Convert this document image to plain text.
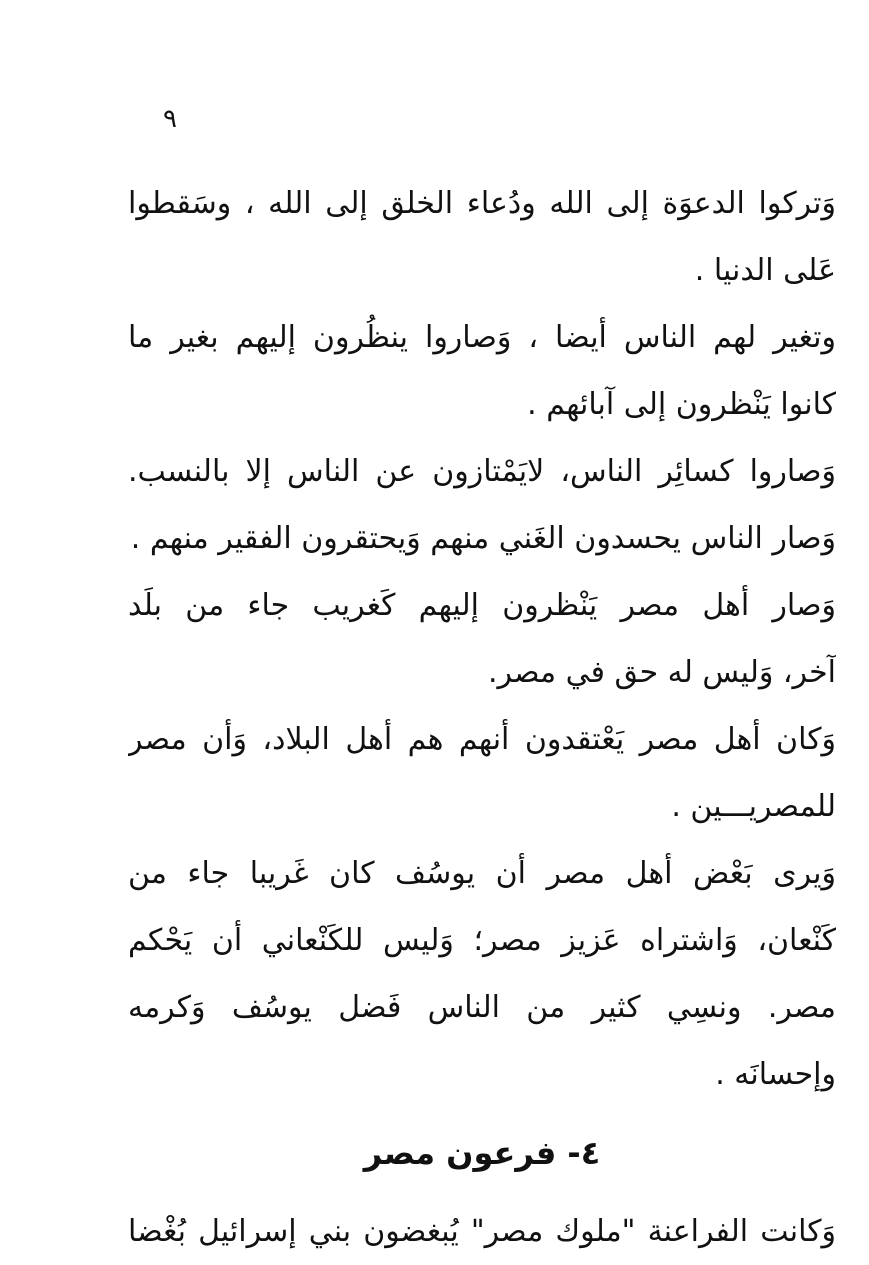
٩
وَتركوا الدعوَة إلى الله ودُعاء الخلق إلى الله ، وسَقطوا
عَلى الدنيا .
وتغير لهم الناس أيضا ، وَصاروا ينظُرون إليهم بغير ما
كانوا يَنْظرون إلى آبائهم .
وَصاروا كسائِر الناس، لايَمْتازون عن الناس إلا بالنسب.
وَصار الناس يحسدون الغَني منهم وَيحتقرون الفقير منهم .
وَصار أهل مصر يَنْظرون إليهم كَغريب جاء من بلَد
آخر، وَليس له حق في مصر.
وَكان أهل مصر يَعْتقدون أنهم هم أهل البلاد، وَأن مصر
للمصريـــين .
وَيرى بَعْض أهل مصر أن يوسُف كان غَريبا جاء من
كَنْعان، وَاشتراه عَزيز مصر؛ وَليس للكَنْعاني أن يَحْكم
مصر. ونسِي كثير من الناس فَضل يوسُف وَكرمه
وإحسانَه .
٤- فرعون مصر
وَكانت الفراعنة "ملوك مصر" يُبغضون بني إسرائيل بُغْضا
